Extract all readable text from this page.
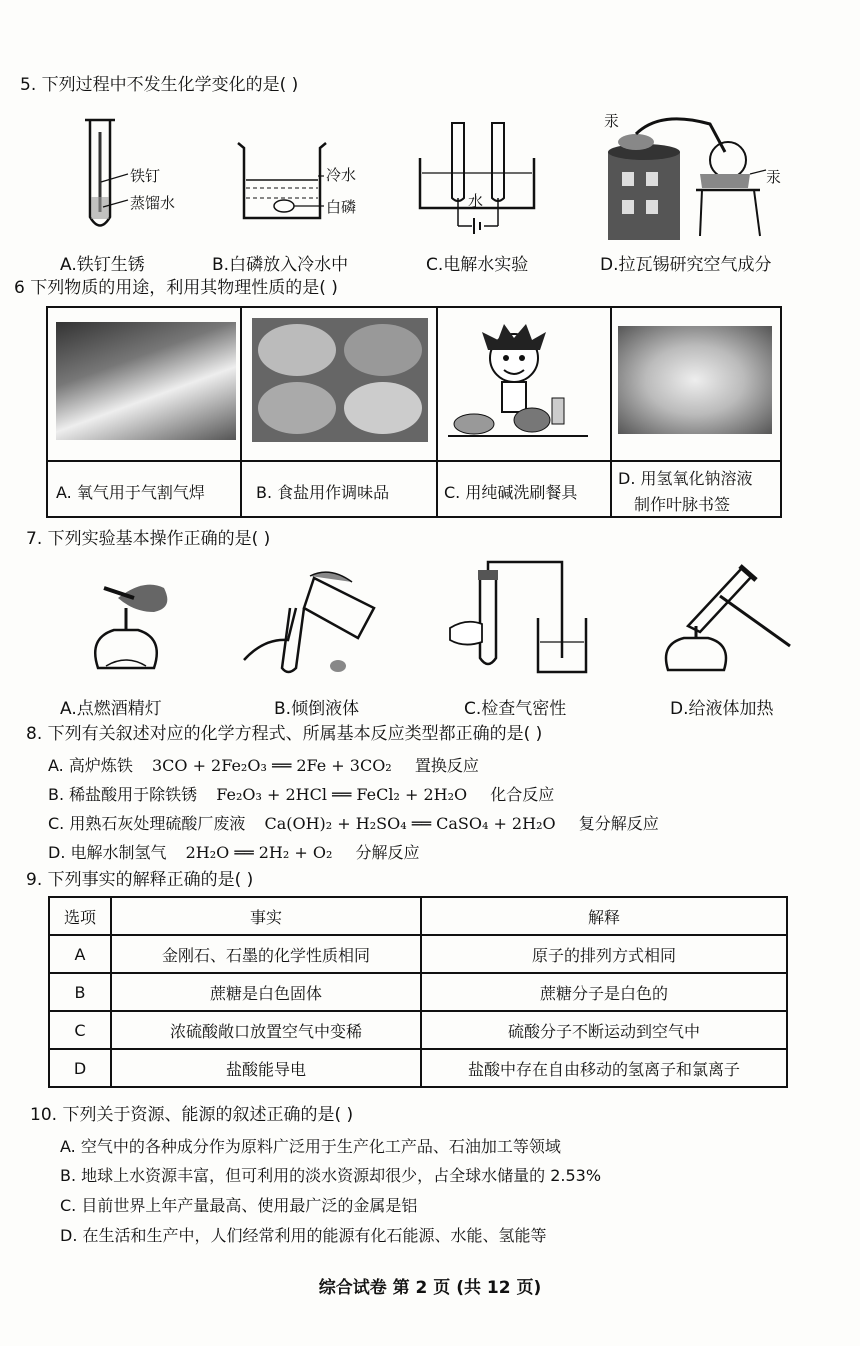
5. 下列过程中不发生化学变化的是( )
铁钉
蒸馏水
冷水
白磷	水
汞
汞
A.铁钉生锈	B.白磷放入冷水中	C.电解水实验	D.拉瓦锡研究空气成分
6 下列物质的用途，利用其物理性质的是( )
A. 氧气用于气割气焊	B. 食盐用作调味品	C. 用纯碱洗刷餐具
D. 用氢氧化钠溶液
制作叶脉书签
7. 下列实验基本操作正确的是( )
A.点燃酒精灯	B.倾倒液体	C.检查气密性	D.给液体加热
8. 下列有关叙述对应的化学方程式、所属基本反应类型都正确的是( )
A. 高炉炼铁 3CO + 2Fe₂O₃ ══ 2Fe + 3CO₂ 置换反应
B. 稀盐酸用于除铁锈 Fe₂O₃ + 2HCl ══ FeCl₂ + 2H₂O 化合反应
C. 用熟石灰处理硫酸厂废液 Ca(OH)₂ + H₂SO₄ ══ CaSO₄ + 2H₂O 复分解反应
D. 电解水制氢气 2H₂O ══ 2H₂ + O₂ 分解反应
9. 下列事实的解释正确的是( )
选项	事实	解释
A	金刚石、石墨的化学性质相同	原子的排列方式相同
B	蔗糖是白色固体	蔗糖分子是白色的
C	浓硫酸敞口放置空气中变稀	硫酸分子不断运动到空气中
D	盐酸能导电	盐酸中存在自由移动的氢离子和氯离子
10. 下列关于资源、能源的叙述正确的是( )
A. 空气中的各种成分作为原料广泛用于生产化工产品、石油加工等领域
B. 地球上水资源丰富，但可利用的淡水资源却很少，占全球水储量的 2.53%
C. 目前世界上年产量最高、使用最广泛的金属是铝
D. 在生活和生产中，人们经常利用的能源有化石能源、水能、氢能等
综合试卷 第 2 页 (共 12 页)
